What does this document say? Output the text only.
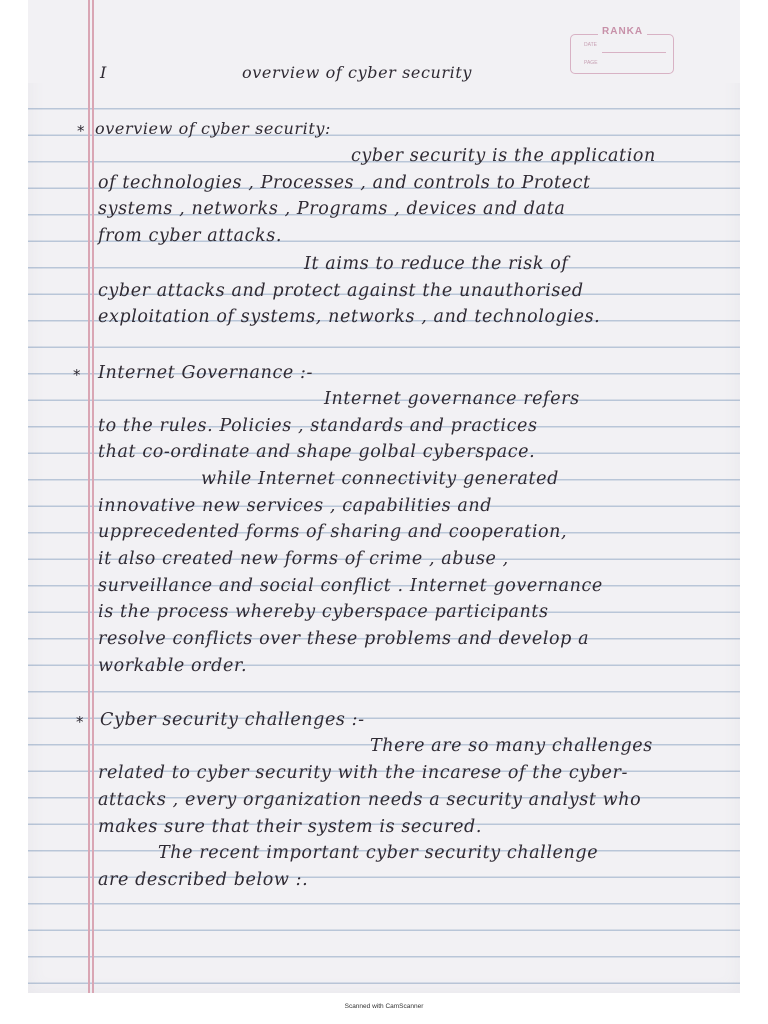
RANKA
DATE
PAGE
I	overview of cyber security
* overview of cyber security:
cyber security is the application
of technologies , Processes , and controls to Protect
systems , networks , Programs , devices and data
from cyber attacks.
It aims to reduce the risk of
cyber attacks and protect against the unauthorised
exploitation of systems, networks , and technologies.
* Internet Governance :-
Internet governance refers
to the rules. Policies , standards and practices
that co-ordinate and shape golbal cyberspace.
while Internet connectivity generated
innovative new services , capabilities and
upprecedented forms of sharing and cooperation,
it also created new forms of crime , abuse ,
surveillance and social conflict . Internet governance
is the process whereby cyberspace participants
resolve conflicts over these problems and develop a
workable order.
* Cyber security challenges :-
There are so many challenges
related to cyber security with the incarese of the cyber-
attacks , every organization needs a security analyst who
makes sure that their system is secured.
The recent important cyber security challenge
are described below :.
Scanned with CamScanner
